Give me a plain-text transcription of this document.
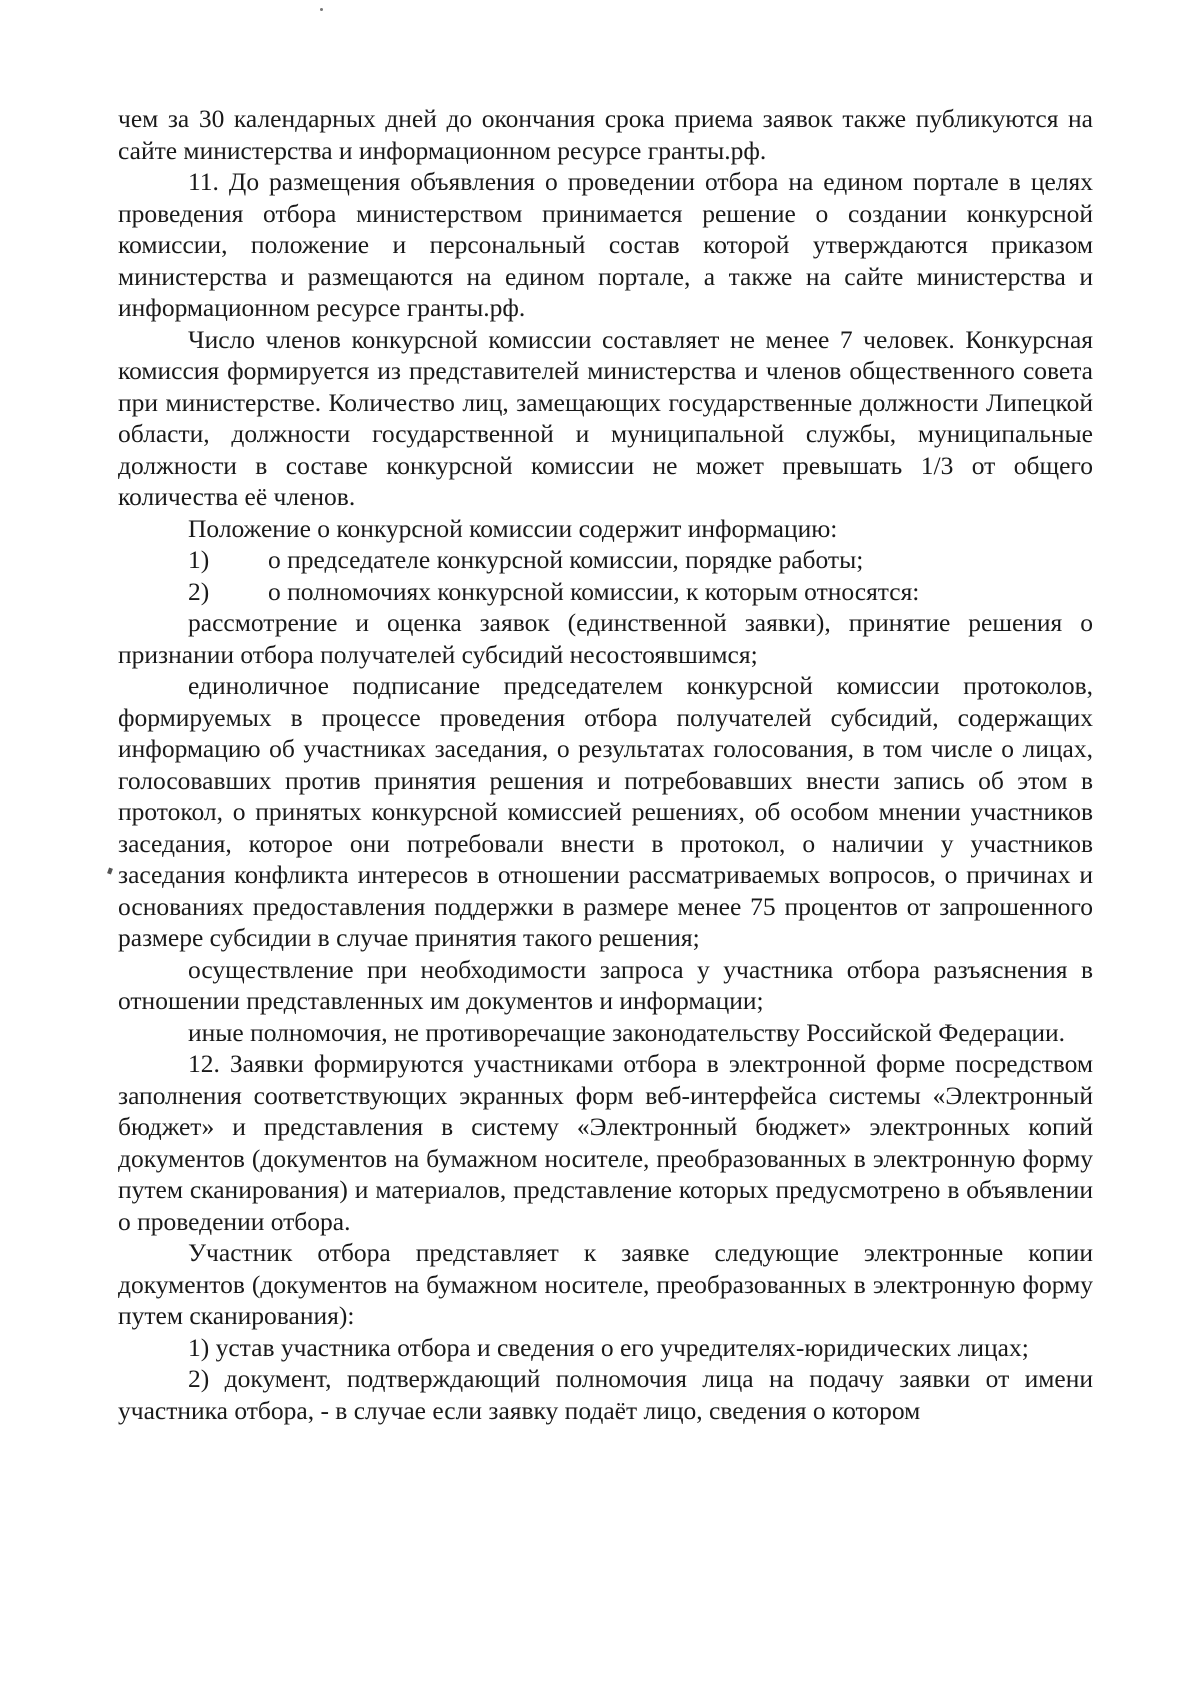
чем за 30 календарных дней до окончания срока приема заявок также публикуются на сайте министерства и информационном ресурсе гранты.рф.

11. До размещения объявления о проведении отбора на едином портале в целях проведения отбора министерством принимается решение о создании конкурсной комиссии, положение и персональный состав которой утверждаются приказом министерства и размещаются на едином портале, а также на сайте министерства и информационном ресурсе гранты.рф.

Число членов конкурсной комиссии составляет не менее 7 человек. Конкурсная комиссия формируется из представителей министерства и членов общественного совета при министерстве. Количество лиц, замещающих государственные должности Липецкой области, должности государственной и муниципальной службы, муниципальные должности в составе конкурсной комиссии не может превышать 1/3 от общего количества её членов.

Положение о конкурсной комиссии содержит информацию:

1)	о председателе конкурсной комиссии, порядке работы;
2)	о полномочиях конкурсной комиссии, к которым относятся:

рассмотрение и оценка заявок (единственной заявки), принятие решения о признании отбора получателей субсидий несостоявшимся;

единоличное подписание председателем конкурсной комиссии протоколов, формируемых в процессе проведения отбора получателей субсидий, содержащих информацию об участниках заседания, о результатах голосования, в том числе о лицах, голосовавших против принятия решения и потребовавших внести запись об этом в протокол, о принятых конкурсной комиссией решениях, об особом мнении участников заседания, которое они потребовали внести в протокол, о наличии у участников заседания конфликта интересов в отношении рассматриваемых вопросов, о причинах и основаниях предоставления поддержки в размере менее 75 процентов от запрошенного размере субсидии в случае принятия такого решения;

осуществление при необходимости запроса у участника отбора разъяснения в отношении представленных им документов и информации;

иные полномочия, не противоречащие законодательству Российской Федерации.

12. Заявки формируются участниками отбора в электронной форме посредством заполнения соответствующих экранных форм веб-интерфейса системы «Электронный бюджет» и представления в систему «Электронный бюджет» электронных копий документов (документов на бумажном носителе, преобразованных в электронную форму путем сканирования) и материалов, представление которых предусмотрено в объявлении о проведении отбора.

Участник отбора представляет к заявке следующие электронные копии документов (документов на бумажном носителе, преобразованных в электронную форму путем сканирования):

1) устав участника отбора и сведения о его учредителях-юридических лицах;

2) документ, подтверждающий полномочия лица на подачу заявки от имени участника отбора, - в случае если заявку подаёт лицо, сведения о котором
